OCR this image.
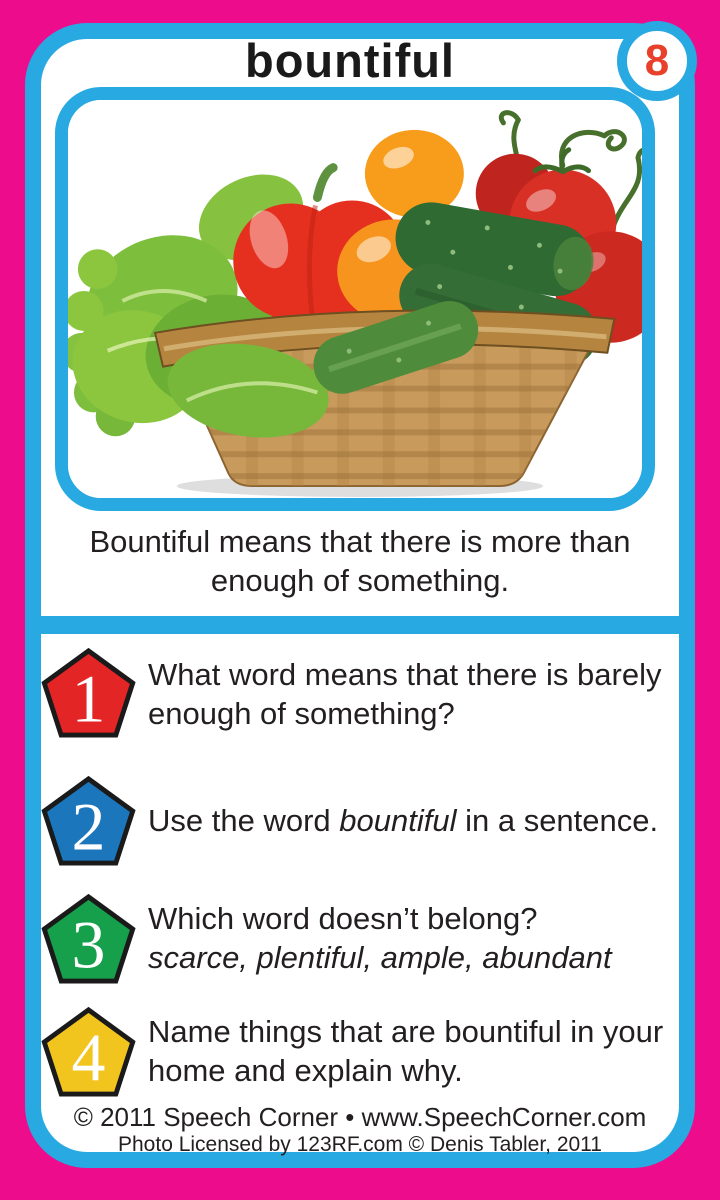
bountiful	8
Bountiful means that there is more than enough of something.
1 What word means that there is barely
enough of something?
2 Use the word bountiful in a sentence.
3 Which word doesn’t belong?
scarce, plentiful, ample, abundant
4 Name things that are bountiful in your
home and explain why.
© 2011 Speech Corner • www.SpeechCorner.com
Photo Licensed by 123RF.com © Denis Tabler, 2011
